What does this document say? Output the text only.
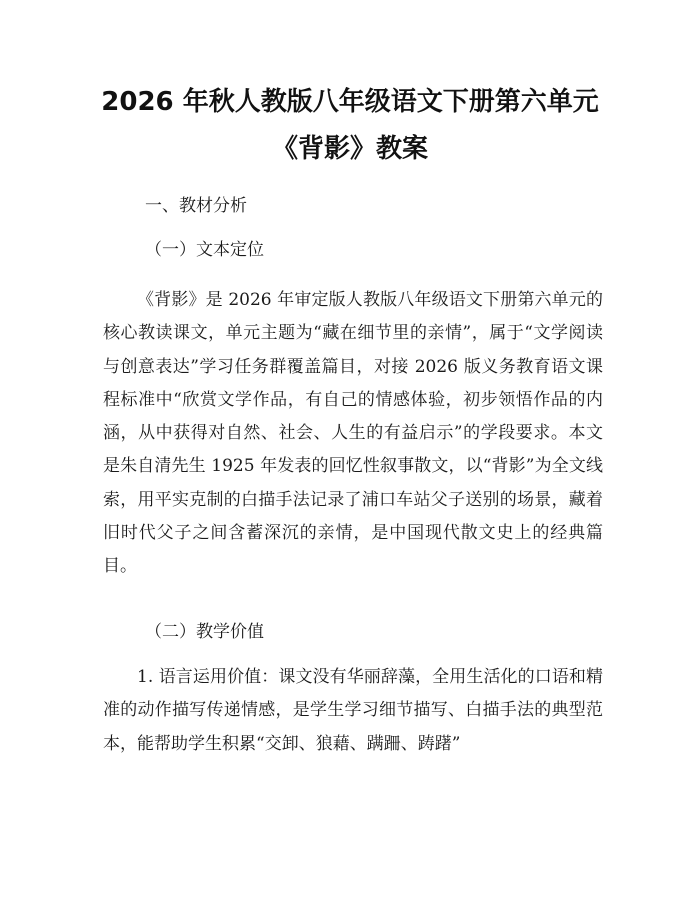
2026 年秋人教版八年级语文下册第六单元
《背影》教案
一、教材分析
（一）文本定位

《背影》是 2026 年审定版人教版八年级语文下册第六单元的核心教读课文，单元主题为“藏在细节里的亲情”，属于“文学阅读与创意表达”学习任务群覆盖篇目，对接 2026 版义务教育语文课程标准中“欣赏文学作品，有自己的情感体验，初步领悟作品的内涵，从中获得对自然、社会、人生的有益启示”的学段要求。本文是朱自清先生 1925 年发表的回忆性叙事散文，以“背影”为全文线索，用平实克制的白描手法记录了浦口车站父子送别的场景，藏着旧时代父子之间含蓄深沉的亲情，是中国现代散文史上的经典篇目。

（二）教学价值

1. 语言运用价值：课文没有华丽辞藻，全用生活化的口语和精准的动作描写传递情感，是学生学习细节描写、白描手法的典型范本，能帮助学生积累“交卸、狼藉、蹒跚、踌躇”
